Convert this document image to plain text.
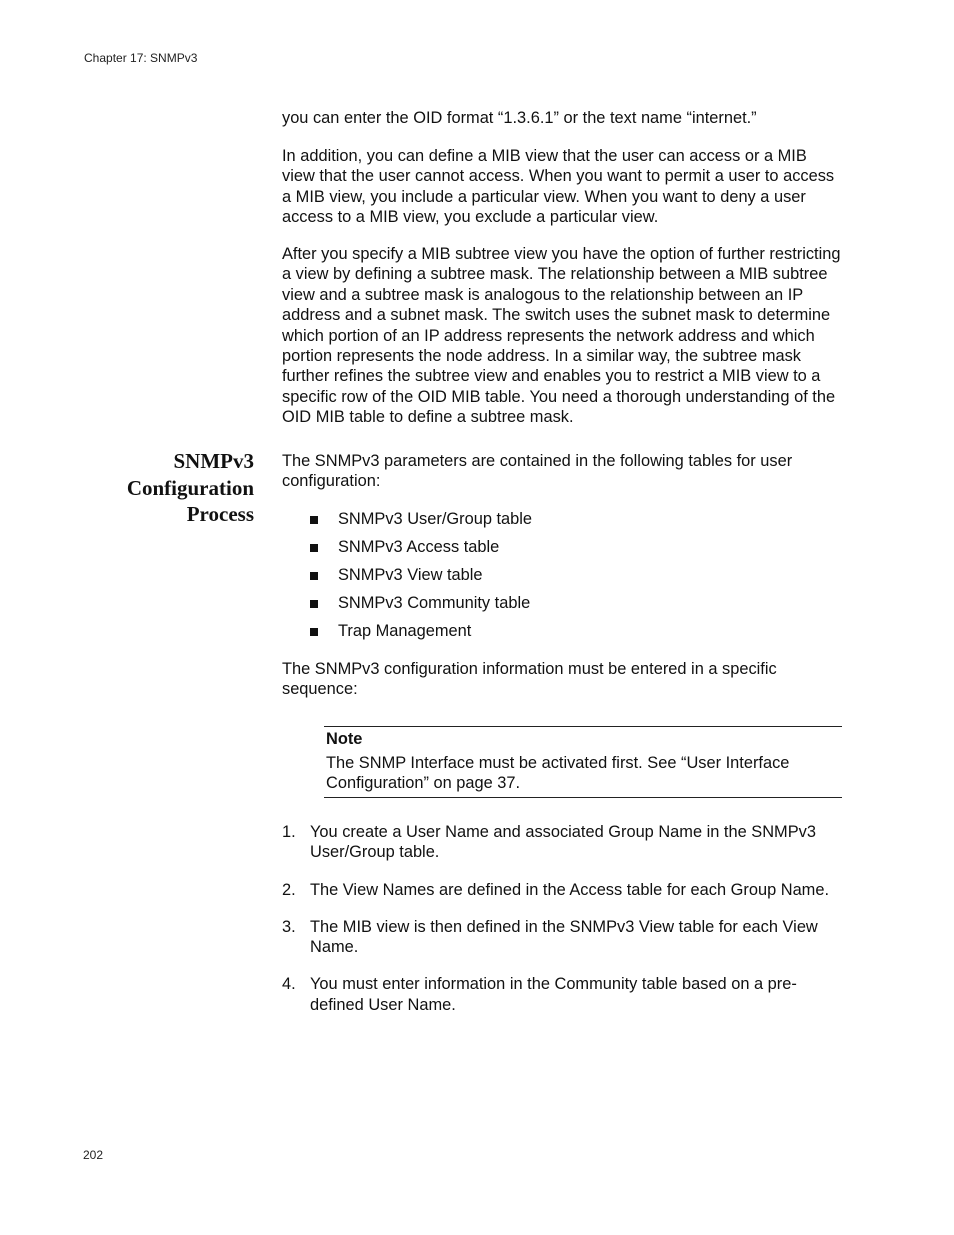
Chapter 17: SNMPv3

you can enter the OID format “1.3.6.1” or the text name “internet.”

In addition, you can define a MIB view that the user can access or a MIB view that the user cannot access. When you want to permit a user to access a MIB view, you include a particular view. When you want to deny a user access to a MIB view, you exclude a particular view.

After you specify a MIB subtree view you have the option of further restricting a view by defining a subtree mask. The relationship between a MIB subtree view and a subtree mask is analogous to the relationship between an IP address and a subnet mask. The switch uses the subnet mask to determine which portion of an IP address represents the network address and which portion represents the node address. In a similar way, the subtree mask further refines the subtree view and enables you to restrict a MIB view to a specific row of the OID MIB table. You need a thorough understanding of the OID MIB table to define a subtree mask.

SNMPv3
Configuration
Process

The SNMPv3 parameters are contained in the following tables for user configuration:

SNMPv3 User/Group table
SNMPv3 Access table
SNMPv3 View table
SNMPv3 Community table
Trap Management

The SNMPv3 configuration information must be entered in a specific sequence:

Note
The SNMP Interface must be activated first. See “User Interface Configuration” on page 37.
1. You create a User Name and associated Group Name in the SNMPv3 User/Group table.
2. The View Names are defined in the Access table for each Group Name.
3. The MIB view is then defined in the SNMPv3 View table for each View Name.
4. You must enter information in the Community table based on a pre-defined User Name.
202
